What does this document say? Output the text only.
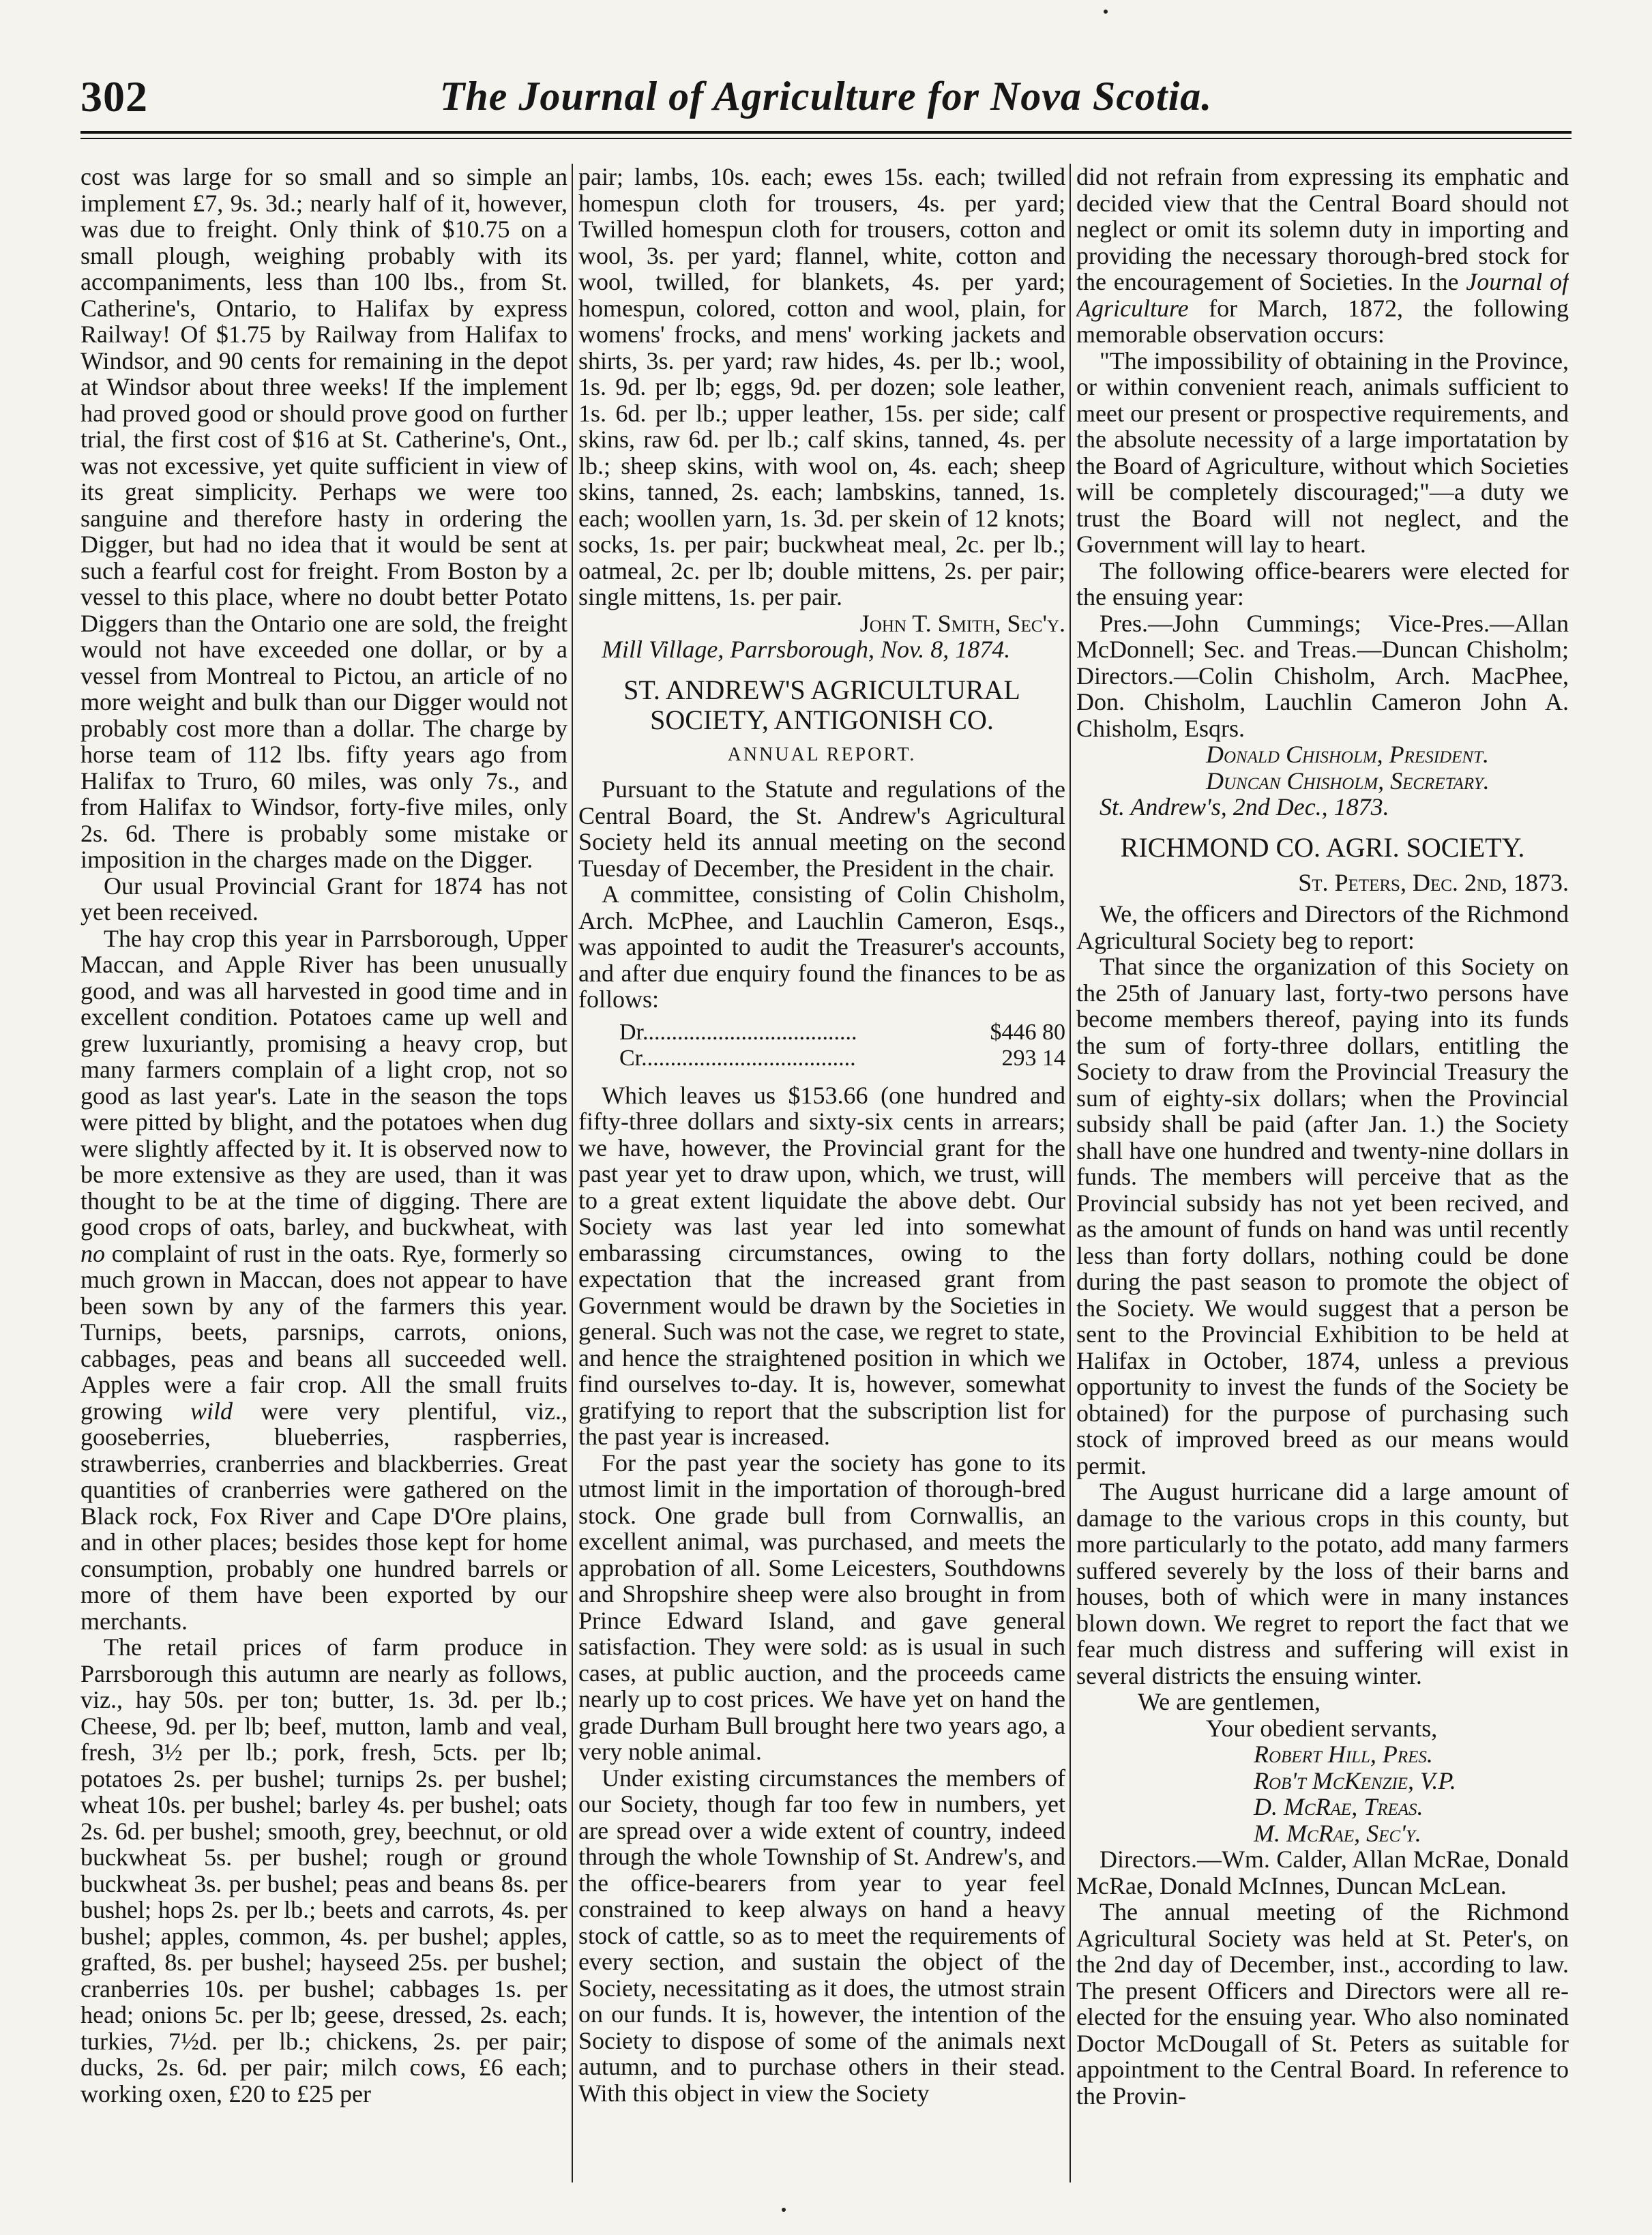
302	The Journal of Agriculture for Nova Scotia.

cost was large for so small and so simple an implement £7, 9s. 3d.; nearly half of it, however, was due to freight. Only think of $10.75 on a small plough, weighing probably with its accompaniments, less than 100 lbs., from St. Catherine's, Ontario, to Halifax by express Railway! Of $1.75 by Railway from Halifax to Windsor, and 90 cents for remaining in the depot at Windsor about three weeks! If the implement had proved good or should prove good on further trial, the first cost of $16 at St. Catherine's, Ont., was not excessive, yet quite sufficient in view of its great simplicity. Perhaps we were too sanguine and therefore hasty in ordering the Digger, but had no idea that it would be sent at such a fearful cost for freight. From Boston by a vessel to this place, where no doubt better Potato Diggers than the Ontario one are sold, the freight would not have exceeded one dollar, or by a vessel from Montreal to Pictou, an article of no more weight and bulk than our Digger would not probably cost more than a dollar. The charge by horse team of 112 lbs. fifty years ago from Halifax to Truro, 60 miles, was only 7s., and from Halifax to Windsor, forty-five miles, only 2s. 6d. There is probably some mistake or imposition in the charges made on the Digger.

Our usual Provincial Grant for 1874 has not yet been received.

The hay crop this year in Parrsborough, Upper Maccan, and Apple River has been unusually good, and was all harvested in good time and in excellent condition. Potatoes came up well and grew luxuriantly, promising a heavy crop, but many farmers complain of a light crop, not so good as last year's. Late in the season the tops were pitted by blight, and the potatoes when dug were slightly affected by it. It is observed now to be more extensive as they are used, than it was thought to be at the time of digging. There are good crops of oats, barley, and buckwheat, with no complaint of rust in the oats. Rye, formerly so much grown in Maccan, does not appear to have been sown by any of the farmers this year. Turnips, beets, parsnips, carrots, onions, cabbages, peas and beans all succeeded well. Apples were a fair crop. All the small fruits growing wild were very plentiful, viz., gooseberries, blueberries, raspberries, strawberries, cranberries and blackberries. Great quantities of cranberries were gathered on the Black rock, Fox River and Cape D'Ore plains, and in other places; besides those kept for home consumption, probably one hundred barrels or more of them have been exported by our merchants.

The retail prices of farm produce in Parrsborough this autumn are nearly as follows, viz., hay 50s. per ton; butter, 1s. 3d. per lb.; Cheese, 9d. per lb; beef, mutton, lamb and veal, fresh, 3½ per lb.; pork, fresh, 5cts. per lb; potatoes 2s. per bushel; turnips 2s. per bushel; wheat 10s. per bushel; barley 4s. per bushel; oats 2s. 6d. per bushel; smooth, grey, beechnut, or old buckwheat 5s. per bushel; rough or ground buckwheat 3s. per bushel; peas and beans 8s. per bushel; hops 2s. per lb.; beets and carrots, 4s. per bushel; apples, common, 4s. per bushel; apples, grafted, 8s. per bushel; hayseed 25s. per bushel; cranberries 10s. per bushel; cabbages 1s. per head; onions 5c. per lb; geese, dressed, 2s. each; turkies, 7½d. per lb.; chickens, 2s. per pair; ducks, 2s. 6d. per pair; milch cows, £6 each; working oxen, £20 to £25 per

pair; lambs, 10s. each; ewes 15s. each; twilled homespun cloth for trousers, 4s. per yard; Twilled homespun cloth for trousers, cotton and wool, 3s. per yard; flannel, white, cotton and wool, twilled, for blankets, 4s. per yard; homespun, colored, cotton and wool, plain, for womens' frocks, and mens' working jackets and shirts, 3s. per yard; raw hides, 4s. per lb.; wool, 1s. 9d. per lb; eggs, 9d. per dozen; sole leather, 1s. 6d. per lb.; upper leather, 15s. per side; calf skins, raw 6d. per lb.; calf skins, tanned, 4s. per lb.; sheep skins, with wool on, 4s. each; sheep skins, tanned, 2s. each; lambskins, tanned, 1s. each; woollen yarn, 1s. 3d. per skein of 12 knots; socks, 1s. per pair; buckwheat meal, 2c. per lb.; oatmeal, 2c. per lb; double mittens, 2s. per pair; single mittens, 1s. per pair.

John T. Smith, Sec'y.

Mill Village, Parrsborough, Nov. 8, 1874.

ST. ANDREW'S AGRICULTURAL SOCIETY, ANTIGONISH CO.

ANNUAL REPORT.

Pursuant to the Statute and regulations of the Central Board, the St. Andrew's Agricultural Society held its annual meeting on the second Tuesday of December, the President in the chair.

A committee, consisting of Colin Chisholm, Arch. McPhee, and Lauchlin Cameron, Esqs., was appointed to audit the Treasurer's accounts, and after due enquiry found the finances to be as follows:

Dr.....................................	$446 80
Cr.....................................	293 14

Which leaves us $153.66 (one hundred and fifty-three dollars and sixty-six cents in arrears; we have, however, the Provincial grant for the past year yet to draw upon, which, we trust, will to a great extent liquidate the above debt. Our Society was last year led into somewhat embarassing circumstances, owing to the expectation that the increased grant from Government would be drawn by the Societies in general. Such was not the case, we regret to state, and hence the straightened position in which we find ourselves to-day. It is, however, somewhat gratifying to report that the subscription list for the past year is increased.

For the past year the society has gone to its utmost limit in the importation of thorough-bred stock. One grade bull from Cornwallis, an excellent animal, was purchased, and meets the approbation of all. Some Leicesters, Southdowns and Shropshire sheep were also brought in from Prince Edward Island, and gave general satisfaction. They were sold: as is usual in such cases, at public auction, and the proceeds came nearly up to cost prices. We have yet on hand the grade Durham Bull brought here two years ago, a very noble animal.

Under existing circumstances the members of our Society, though far too few in numbers, yet are spread over a wide extent of country, indeed through the whole Township of St. Andrew's, and the office-bearers from year to year feel constrained to keep always on hand a heavy stock of cattle, so as to meet the requirements of every section, and sustain the object of the Society, necessitating as it does, the utmost strain on our funds. It is, however, the intention of the Society to dispose of some of the animals next autumn, and to purchase others in their stead. With this object in view the Society

did not refrain from expressing its emphatic and decided view that the Central Board should not neglect or omit its solemn duty in importing and providing the necessary thorough-bred stock for the encouragement of Societies. In the Journal of Agriculture for March, 1872, the following memorable observation occurs:

"The impossibility of obtaining in the Province, or within convenient reach, animals sufficient to meet our present or prospective requirements, and the absolute necessity of a large importatation by the Board of Agriculture, without which Societies will be completely discouraged;"—a duty we trust the Board will not neglect, and the Government will lay to heart.

The following office-bearers were elected for the ensuing year:

Pres.—John Cummings; Vice-Pres.—Allan McDonnell; Sec. and Treas.—Duncan Chisholm; Directors.—Colin Chisholm, Arch. MacPhee, Don. Chisholm, Lauchlin Cameron John A. Chisholm, Esqrs.

Donald Chisholm, President.

Duncan Chisholm, Secretary.

St. Andrew's, 2nd Dec., 1873.

RICHMOND CO. AGRI. SOCIETY.

St. Peters, Dec. 2nd, 1873.

We, the officers and Directors of the Richmond Agricultural Society beg to report:

That since the organization of this Society on the 25th of January last, forty-two persons have become members thereof, paying into its funds the sum of forty-three dollars, entitling the Society to draw from the Provincial Treasury the sum of eighty-six dollars; when the Provincial subsidy shall be paid (after Jan. 1.) the Society shall have one hundred and twenty-nine dollars in funds. The members will perceive that as the Provincial subsidy has not yet been recived, and as the amount of funds on hand was until recently less than forty dollars, nothing could be done during the past season to promote the object of the Society. We would suggest that a person be sent to the Provincial Exhibition to be held at Halifax in October, 1874, unless a previous opportunity to invest the funds of the Society be obtained) for the purpose of purchasing such stock of improved breed as our means would permit.

The August hurricane did a large amount of damage to the various crops in this county, but more particularly to the potato, add many farmers suffered severely by the loss of their barns and houses, both of which were in many instances blown down. We regret to report the fact that we fear much distress and suffering will exist in several districts the ensuing winter.

We are gentlemen,

Your obedient servants,

Robert Hill, Pres.

Rob't McKenzie, V.P.

D. McRae, Treas.

M. McRae, Sec'y.

Directors.—Wm. Calder, Allan McRae, Donald McRae, Donald McInnes, Duncan McLean.

The annual meeting of the Richmond Agricultural Society was held at St. Peter's, on the 2nd day of December, inst., according to law. The present Officers and Directors were all re-elected for the ensuing year. Who also nominated Doctor McDougall of St. Peters as suitable for appointment to the Central Board. In reference to the Provin-
